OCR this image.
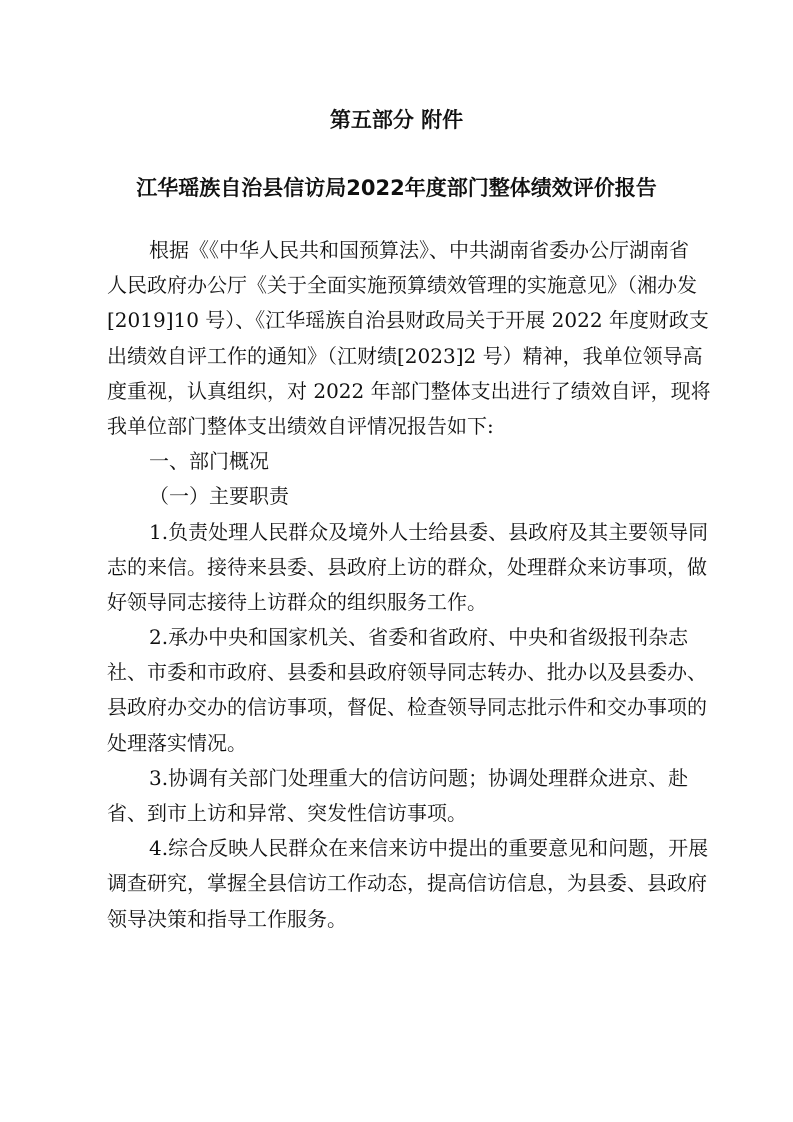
第五部分 附件
江华瑶族自治县信访局2022年度部门整体绩效评价报告
根据《《中华人民共和国预算法》、中共湖南省委办公厅湖南省
人民政府办公厅《关于全面实施预算绩效管理的实施意见》（湘办发
[2019]10 号）、《江华瑶族自治县财政局关于开展 2022 年度财政支
出绩效自评工作的通知》（江财绩[2023]2 号）精神，我单位领导高
度重视，认真组织，对 2022 年部门整体支出进行了绩效自评，现将
我单位部门整体支出绩效自评情况报告如下:
一、部门概况
（一）主要职责
1.负责处理人民群众及境外人士给县委、县政府及其主要领导同
志的来信。接待来县委、县政府上访的群众，处理群众来访事项，做
好领导同志接待上访群众的组织服务工作。
2.承办中央和国家机关、省委和省政府、中央和省级报刊杂志
社、市委和市政府、县委和县政府领导同志转办、批办以及县委办、
县政府办交办的信访事项，督促、检查领导同志批示件和交办事项的
处理落实情况。
3.协调有关部门处理重大的信访问题；协调处理群众进京、赴
省、到市上访和异常、突发性信访事项。
4.综合反映人民群众在来信来访中提出的重要意见和问题，开展
调查研究，掌握全县信访工作动态，提高信访信息，为县委、县政府
领导决策和指导工作服务。
